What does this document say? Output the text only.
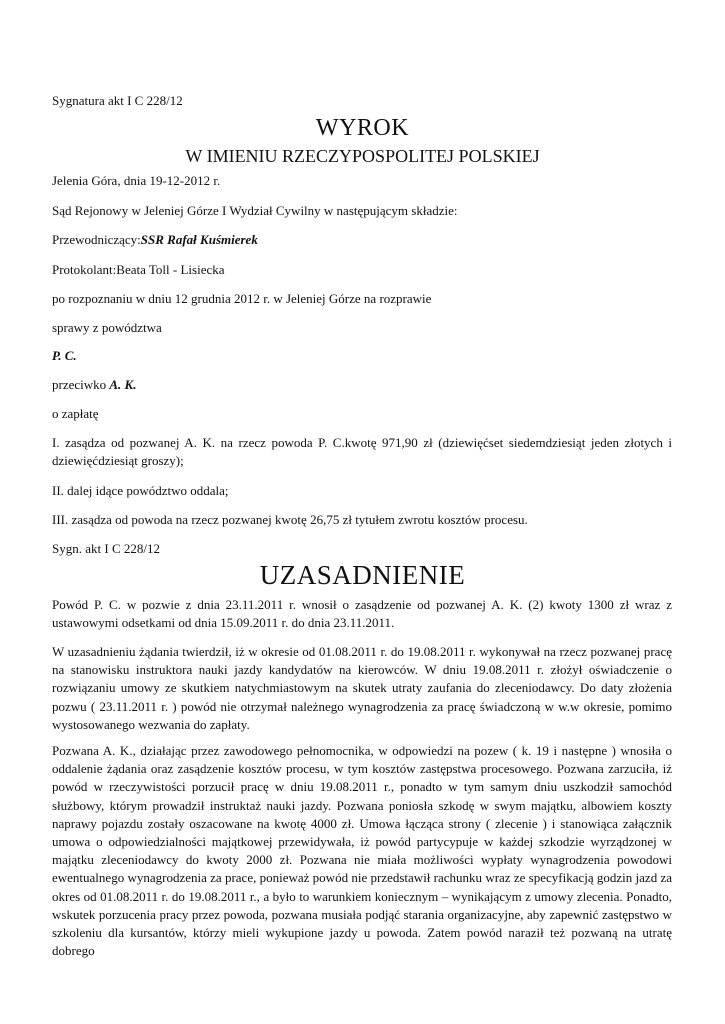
Sygnatura akt I C 228/12
WYROK
W IMIENIU RZECZYPOSPOLITEJ POLSKIEJ
Jelenia Góra, dnia 19-12-2012 r.
Sąd Rejonowy w Jeleniej Górze I Wydział Cywilny w następującym składzie:
Przewodniczący:SSR Rafał Kuśmierek
Protokolant:Beata Toll - Lisiecka
po rozpoznaniu w dniu 12 grudnia 2012 r. w Jeleniej Górze na rozprawie
sprawy z powództwa
P. C.
przeciwko A. K.
o zapłatę
I. zasądza od pozwanej A. K. na rzecz powoda P. C.kwotę 971,90 zł (dziewięćset siedemdziesiąt jeden złotych i dziewięćdziesiąt groszy);
II. dalej idące powództwo oddala;
III. zasądza od powoda na rzecz pozwanej kwotę 26,75 zł tytułem zwrotu kosztów procesu.
Sygn. akt I C 228/12
UZASADNIENIE
Powód P. C. w pozwie z dnia 23.11.2011 r. wnosił o zasądzenie od pozwanej A. K. (2) kwoty 1300 zł wraz z ustawowymi odsetkami od dnia 15.09.2011 r. do dnia 23.11.2011.
W uzasadnieniu żądania twierdził, iż w okresie od 01.08.2011 r. do 19.08.2011 r. wykonywał na rzecz pozwanej pracę na stanowisku instruktora nauki jazdy kandydatów na kierowców. W dniu 19.08.2011 r. złożył oświadczenie o rozwiązaniu umowy ze skutkiem natychmiastowym na skutek utraty zaufania do zleceniodawcy. Do daty złożenia pozwu ( 23.11.2011 r. ) powód nie otrzymał należnego wynagrodzenia za pracę świadczoną w w.w okresie, pomimo wystosowanego wezwania do zapłaty.
Pozwana A. K., działając przez zawodowego pełnomocnika, w odpowiedzi na pozew ( k. 19 i następne ) wnosiła o oddalenie żądania oraz zasądzenie kosztów procesu, w tym kosztów zastępstwa procesowego. Pozwana zarzuciła, iż powód w rzeczywistości porzucił pracę w dniu 19.08.2011 r., ponadto w tym samym dniu uszkodził samochód służbowy, którym prowadził instruktaż nauki jazdy. Pozwana poniosła szkodę w swym majątku, albowiem koszty naprawy pojazdu zostały oszacowane na kwotę 4000 zł. Umowa łącząca strony ( zlecenie ) i stanowiąca załącznik umowa o odpowiedzialności majątkowej przewidywała, iż powód partycypuje w każdej szkodzie wyrządzonej w majątku zleceniodawcy do kwoty 2000 zł. Pozwana nie miała możliwości wypłaty wynagrodzenia powodowi ewentualnego wynagrodzenia za prace, ponieważ powód nie przedstawił rachunku wraz ze specyfikacją godzin jazd za okres od 01.08.2011 r. do 19.08.2011 r., a było to warunkiem koniecznym – wynikającym z umowy zlecenia. Ponadto, wskutek porzucenia pracy przez powoda, pozwana musiała podjąć starania organizacyjne, aby zapewnić zastępstwo w szkoleniu dla kursantów, którzy mieli wykupione jazdy u powoda. Zatem powód naraził też pozwaną na utratę dobrego
